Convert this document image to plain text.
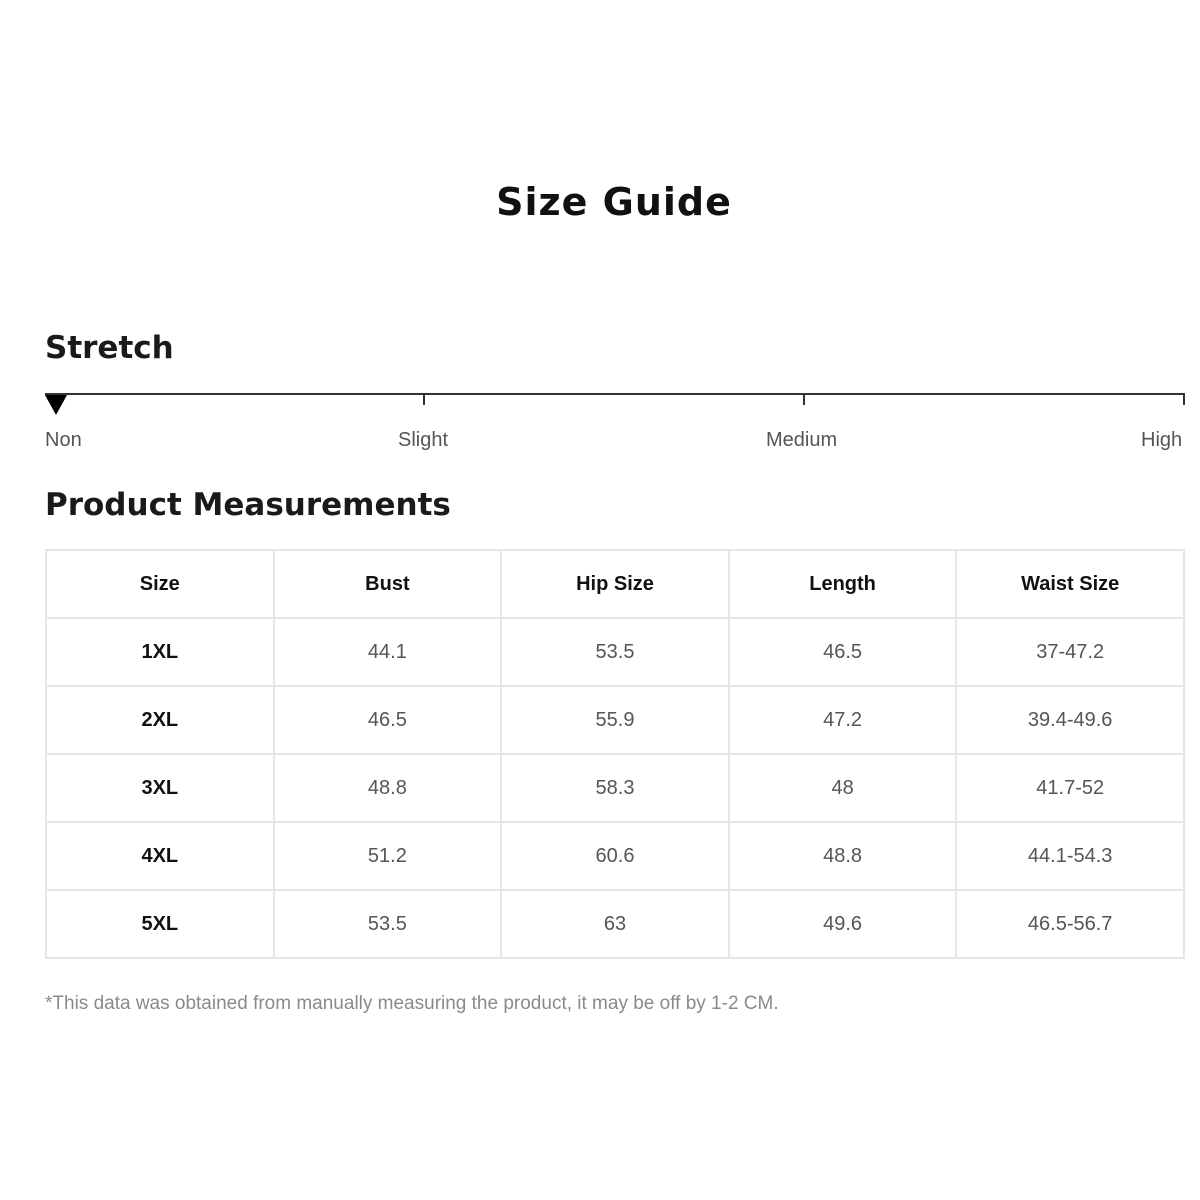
Size Guide
Stretch
Non	Slight	Medium	High
Product Measurements
Size	Bust	Hip Size	Length	Waist Size
1XL	44.1	53.5	46.5	37-47.2
2XL	46.5	55.9	47.2	39.4-49.6
3XL	48.8	58.3	48	41.7-52
4XL	51.2	60.6	48.8	44.1-54.3
5XL	53.5	63	49.6	46.5-56.7
*This data was obtained from manually measuring the product, it may be off by 1-2 CM.
